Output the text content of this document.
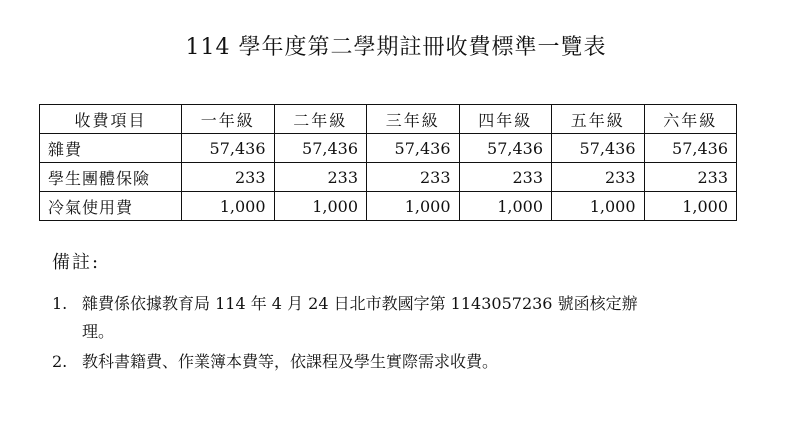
114 學年度第二學期註冊收費標準一覽表
收費項目	一年級	二年級	三年級	四年級	五年級	六年級
雜費	57,436	57,436	57,436	57,436	57,436	57,436
學生團體保險	233	233	233	233	233	233
冷氣使用費	1,000	1,000	1,000	1,000	1,000	1,000
備註:
1. 雜費係依據教育局 114 年 4 月 24 日北市教國字第 1143057236 號函核定辦
理。
2. 教科書籍費、作業簿本費等，依課程及學生實際需求收費。
